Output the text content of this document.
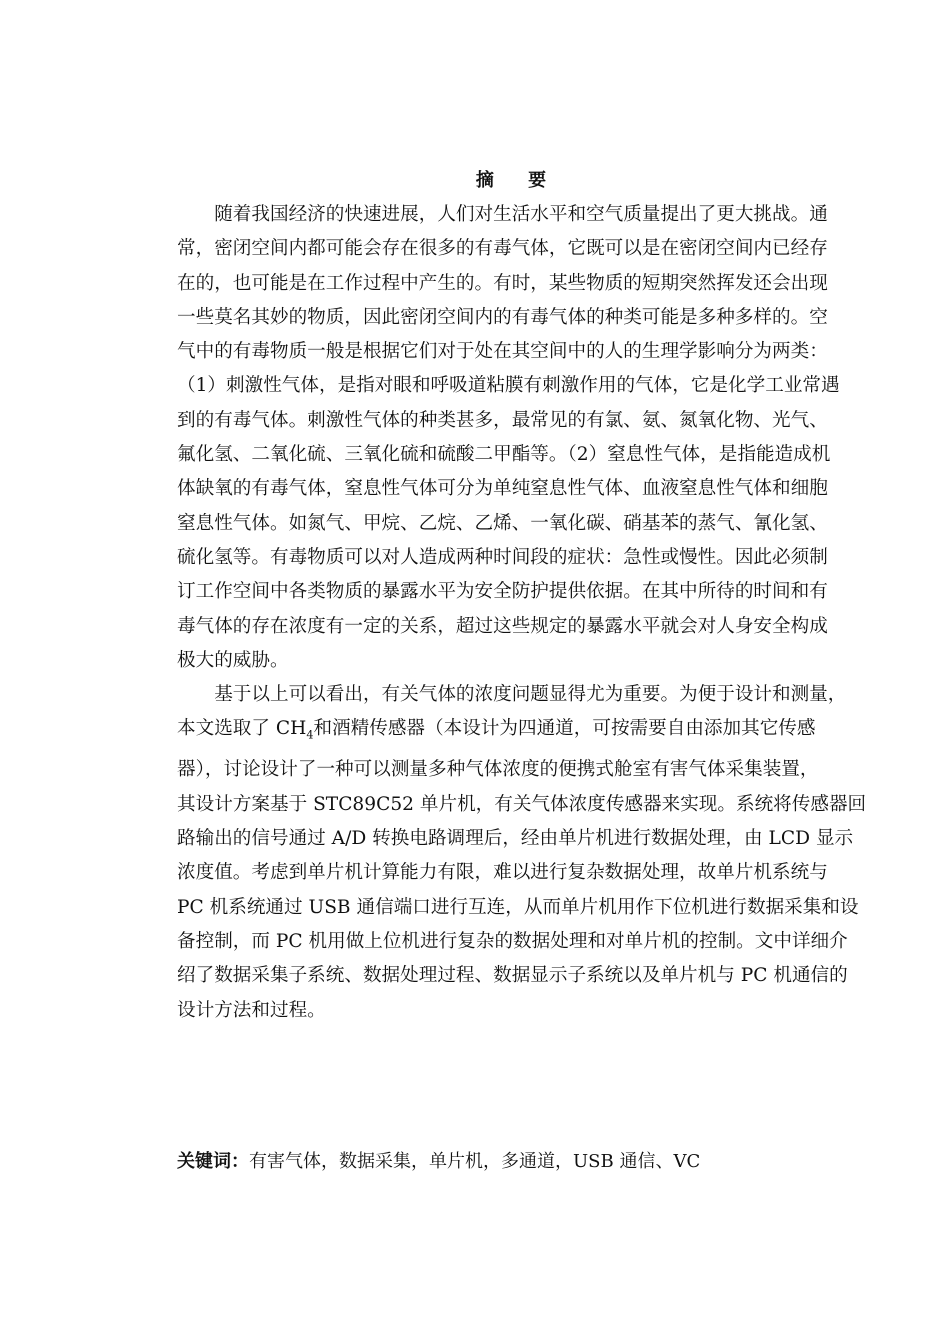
摘 要

随着我国经济的快速进展，人们对生活水平和空气质量提出了更大挑战。通
常，密闭空间内都可能会存在很多的有毒气体，它既可以是在密闭空间内已经存
在的，也可能是在工作过程中产生的。有时，某些物质的短期突然挥发还会出现
一些莫名其妙的物质，因此密闭空间内的有毒气体的种类可能是多种多样的。空
气中的有毒物质一般是根据它们对于处在其空间中的人的生理学影响分为两类：
（1）刺激性气体，是指对眼和呼吸道粘膜有刺激作用的气体，它是化学工业常遇
到的有毒气体。刺激性气体的种类甚多，最常见的有氯、氨、氮氧化物、光气、
氟化氢、二氧化硫、三氧化硫和硫酸二甲酯等。（2）窒息性气体，是指能造成机
体缺氧的有毒气体，窒息性气体可分为单纯窒息性气体、血液窒息性气体和细胞
窒息性气体。如氮气、甲烷、乙烷、乙烯、一氧化碳、硝基苯的蒸气、氰化氢、
硫化氢等。有毒物质可以对人造成两种时间段的症状：急性或慢性。因此必须制
订工作空间中各类物质的暴露水平为安全防护提供依据。在其中所待的时间和有
毒气体的存在浓度有一定的关系，超过这些规定的暴露水平就会对人身安全构成
极大的威胁。

基于以上可以看出，有关气体的浓度问题显得尤为重要。为便于设计和测量，
本文选取了 $CH_4$和酒精传感器（本设计为四通道，可按需要自由添加其它传感
器），讨论设计了一种可以测量多种气体浓度的便携式舱室有害气体采集装置，
其设计方案基于 STC89C52 单片机，有关气体浓度传感器来实现。系统将传感器回
路输出的信号通过 A/D 转换电路调理后，经由单片机进行数据处理，由 LCD 显示
浓度值。考虑到单片机计算能力有限，难以进行复杂数据处理，故单片机系统与
PC 机系统通过 USB 通信端口进行互连，从而单片机用作下位机进行数据采集和设
备控制，而 PC 机用做上位机进行复杂的数据处理和对单片机的控制。文中详细介
绍了数据采集子系统、数据处理过程、数据显示子系统以及单片机与 PC 机通信的
设计方法和过程。

关键词：有害气体，数据采集，单片机，多通道，USB 通信、VC
